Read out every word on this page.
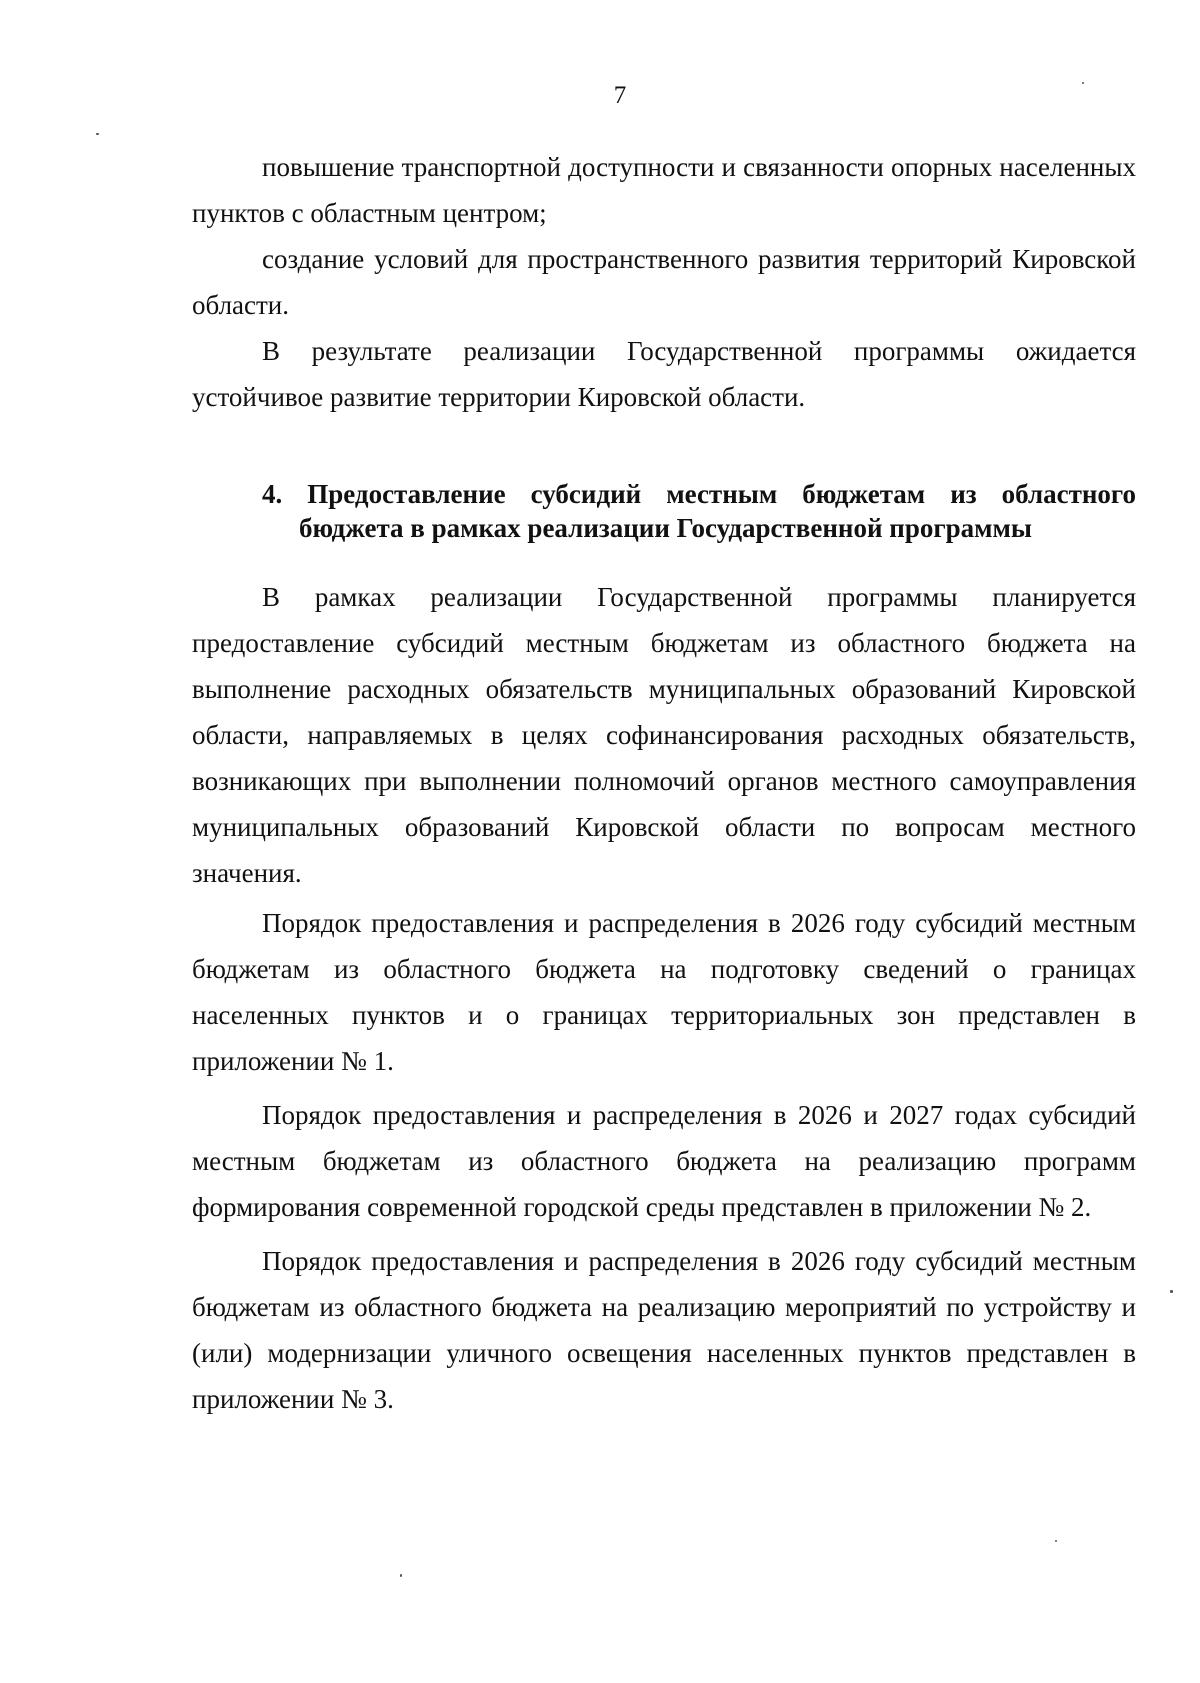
7

повышение транспортной доступности и связанности опорных населенных пунктов с областным центром;

создание условий для пространственного развития территорий Кировской области.

В результате реализации Государственной программы ожидается устойчивое развитие территории Кировской области.

4. Предоставление субсидий местным бюджетам из областного
бюджета в рамках реализации Государственной программы

В рамках реализации Государственной программы планируется предоставление субсидий местным бюджетам из областного бюджета на выполнение расходных обязательств муниципальных образований Кировской области, направляемых в целях софинансирования расходных обязательств, возникающих при выполнении полномочий органов местного самоуправления муниципальных образований Кировской области по вопросам местного значения.

Порядок предоставления и распределения в 2026 году субсидий местным бюджетам из областного бюджета на подготовку сведений о границах населенных пунктов и о границах территориальных зон представлен в приложении № 1.

Порядок предоставления и распределения в 2026 и 2027 годах субсидий местным бюджетам из областного бюджета на реализацию программ формирования современной городской среды представлен в приложении № 2.

Порядок предоставления и распределения в 2026 году субсидий местным бюджетам из областного бюджета на реализацию мероприятий по устройству и (или) модернизации уличного освещения населенных пунктов представлен в приложении № 3.
